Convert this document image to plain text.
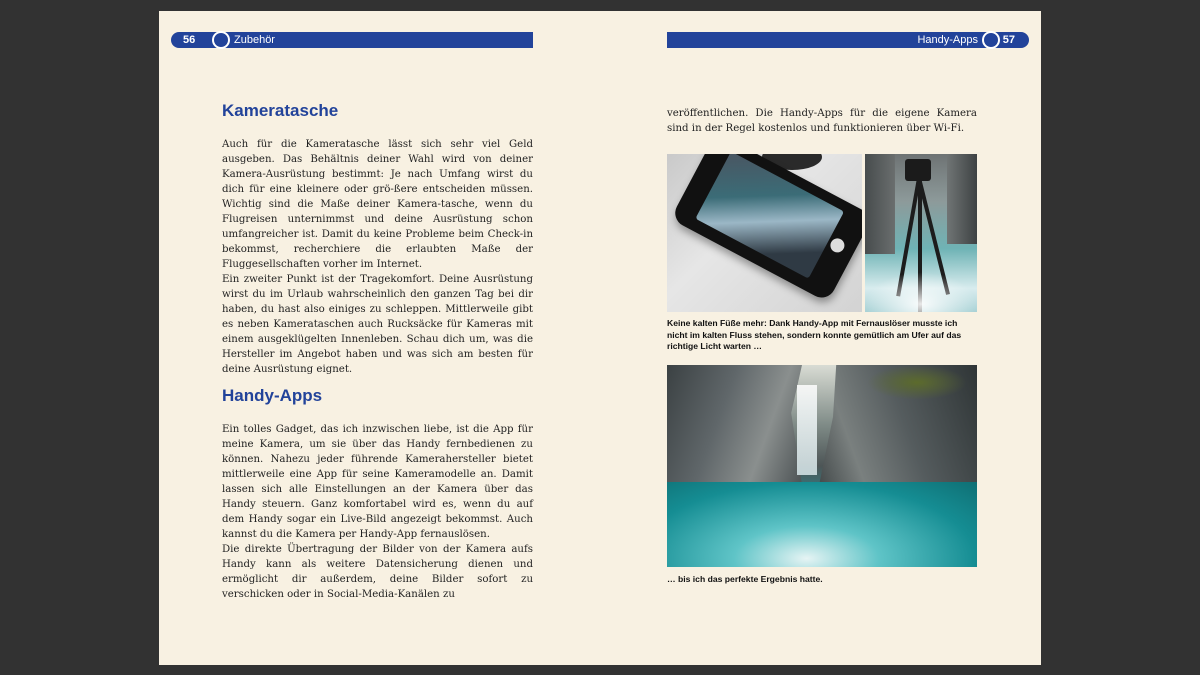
56	Zubehör
Kameratasche

Auch für die Kameratasche lässt sich sehr viel Geld ausgeben. Das Behältnis deiner Wahl wird von deiner Kamera-Ausrüstung bestimmt: Je nach Umfang wirst du dich für eine kleinere oder grö-ßere entscheiden müssen. Wichtig sind die Maße deiner Kamera-tasche, wenn du Flugreisen unternimmst und deine Ausrüstung schon umfangreicher ist. Damit du keine Probleme beim Check-in bekommst, recherchiere die erlaubten Maße der Fluggesellschaften vorher im Internet.

Ein zweiter Punkt ist der Tragekomfort. Deine Ausrüstung wirst du im Urlaub wahrscheinlich den ganzen Tag bei dir haben, du hast also einiges zu schleppen. Mittlerweile gibt es neben Kamerataschen auch Rucksäcke für Kameras mit einem ausgeklügelten Innenleben. Schau dich um, was die Hersteller im Angebot haben und was sich am besten für deine Ausrüstung eignet.

Handy-Apps

Ein tolles Gadget, das ich inzwischen liebe, ist die App für meine Kamera, um sie über das Handy fernbedienen zu können. Nahezu jeder führende Kamerahersteller bietet mittlerweile eine App für seine Kameramodelle an. Damit lassen sich alle Einstellungen an der Kamera über das Handy steuern. Ganz komfortabel wird es, wenn du auf dem Handy sogar ein Live-Bild angezeigt bekommst. Auch kannst du die Kamera per Handy-App fernauslösen.

Die direkte Übertragung der Bilder von der Kamera aufs Handy kann als weitere Datensicherung dienen und ermöglicht dir außerdem, deine Bilder sofort zu verschicken oder in Social-Media-Kanälen zu

Handy-Apps 57

veröffentlichen. Die Handy-Apps für die eigene Kamera sind in der Regel kostenlos und funktionieren über Wi-Fi.

Keine kalten Füße mehr: Dank Handy-App mit Fernauslöser musste ich nicht im kalten Fluss stehen, sondern konnte gemütlich am Ufer auf das richtige Licht warten …

… bis ich das perfekte Ergebnis hatte.
